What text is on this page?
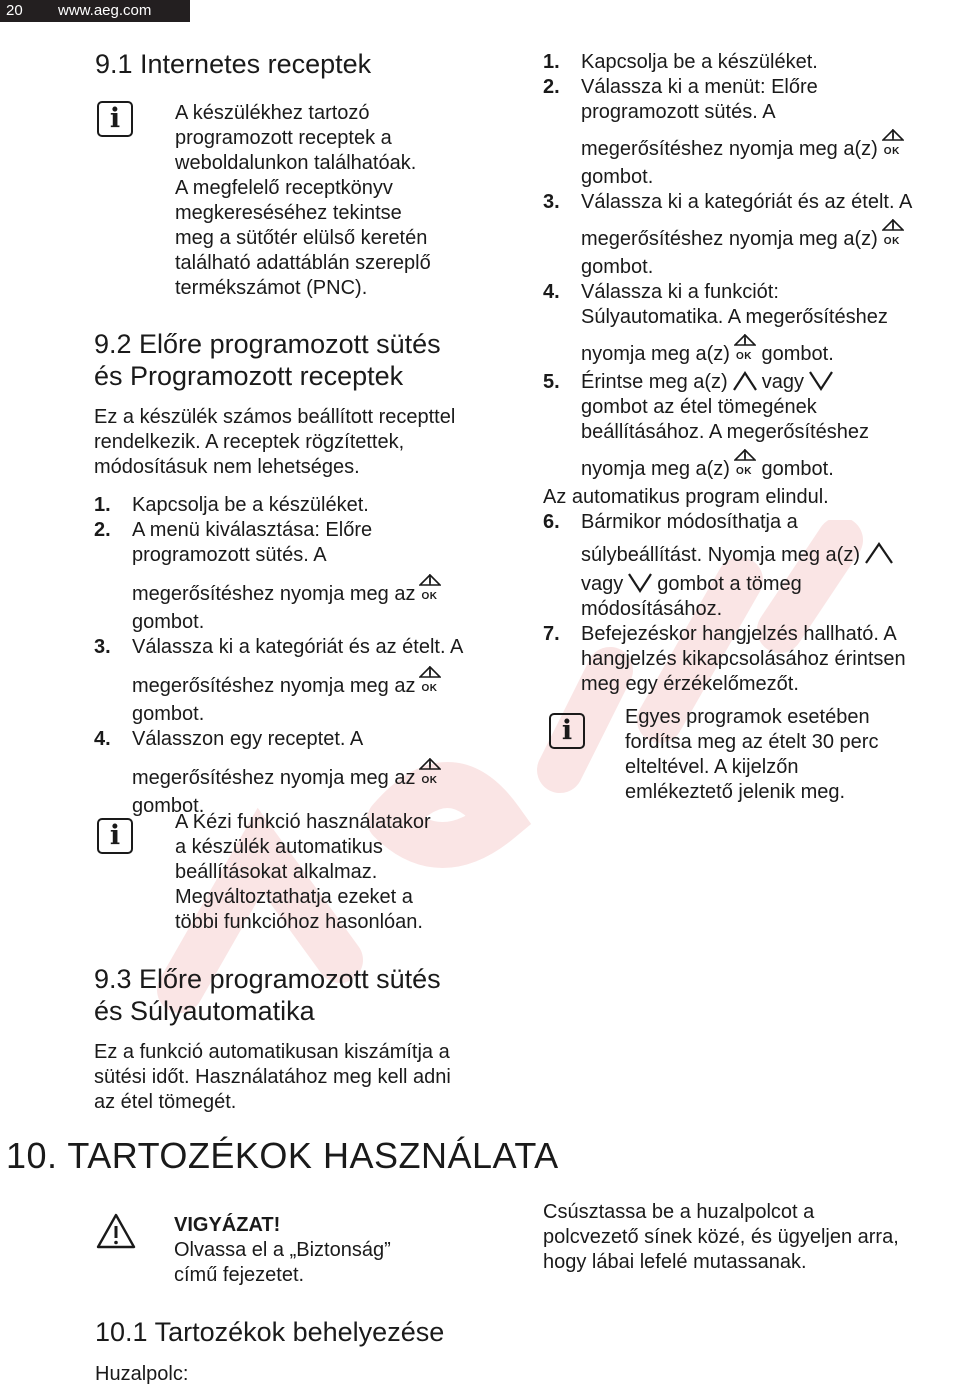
20 www.aeg.com
9.1 Internetes receptek
i	A készülékhez tartozó
programozott receptek a
weboldalunkon találhatóak.
A megfelelő receptkönyv
megkereséséhez tekintse
meg a sütőtér elülső keretén
található adattáblán szereplő
termékszámot (PNC).
9.2 Előre programozott sütés
és Programozott receptek
Ez a készülék számos beállított recepttel
rendelkezik. A receptek rögzítettek,
módosításuk nem lehetséges.
1. Kapcsolja be a készüléket.
2. A menü kiválasztása: Előre
programozott sütés. A
megerősítéshez nyomja meg az OK
gombot.
3. Válassza ki a kategóriát és az ételt. A
megerősítéshez nyomja meg az OK
gombot.
4. Válasszon egy receptet. A
megerősítéshez nyomja meg az OK
gombot.
i	A Kézi funkció használatakor
a készülék automatikus
beállításokat alkalmaz.
Megváltoztathatja ezeket a
többi funkcióhoz hasonlóan.
9.3 Előre programozott sütés
és Súlyautomatika
Ez a funkció automatikusan kiszámítja a
sütési időt. Használatához meg kell adni
az étel tömegét.
1. Kapcsolja be a készüléket.
2. Válassza ki a menüt: Előre
programozott sütés. A
megerősítéshez nyomja meg a(z) OK
gombot.
3. Válassza ki a kategóriát és az ételt. A
megerősítéshez nyomja meg a(z) OK
gombot.
4. Válassza ki a funkciót:
Súlyautomatika. A megerősítéshez
nyomja meg a(z) OK gombot.
5. Érintse meg a(z) vagy
gombot az étel tömegének
beállításához. A megerősítéshez
nyomja meg a(z) OK gombot.
Az automatikus program elindul.
6. Bármikor módosíthatja a
súlybeállítást. Nyomja meg a(z)
vagy gombot a tömeg
módosításához.
7. Befejezéskor hangjelzés hallható. A
hangjelzés kikapcsolásához érintsen
meg egy érzékelőmezőt.
i	Egyes programok esetében
fordítsa meg az ételt 30 perc
elteltével. A kijelzőn
emlékeztető jelenik meg.
10. TARTOZÉKOK HASZNÁLATA
VIGYÁZAT!
Olvassa el a „Biztonság”
című fejezetet.
Csúsztassa be a huzalpolcot a
polcvezető sínek közé, és ügyeljen arra,
hogy lábai lefelé mutassanak.
10.1 Tartozékok behelyezése
Huzalpolc:
